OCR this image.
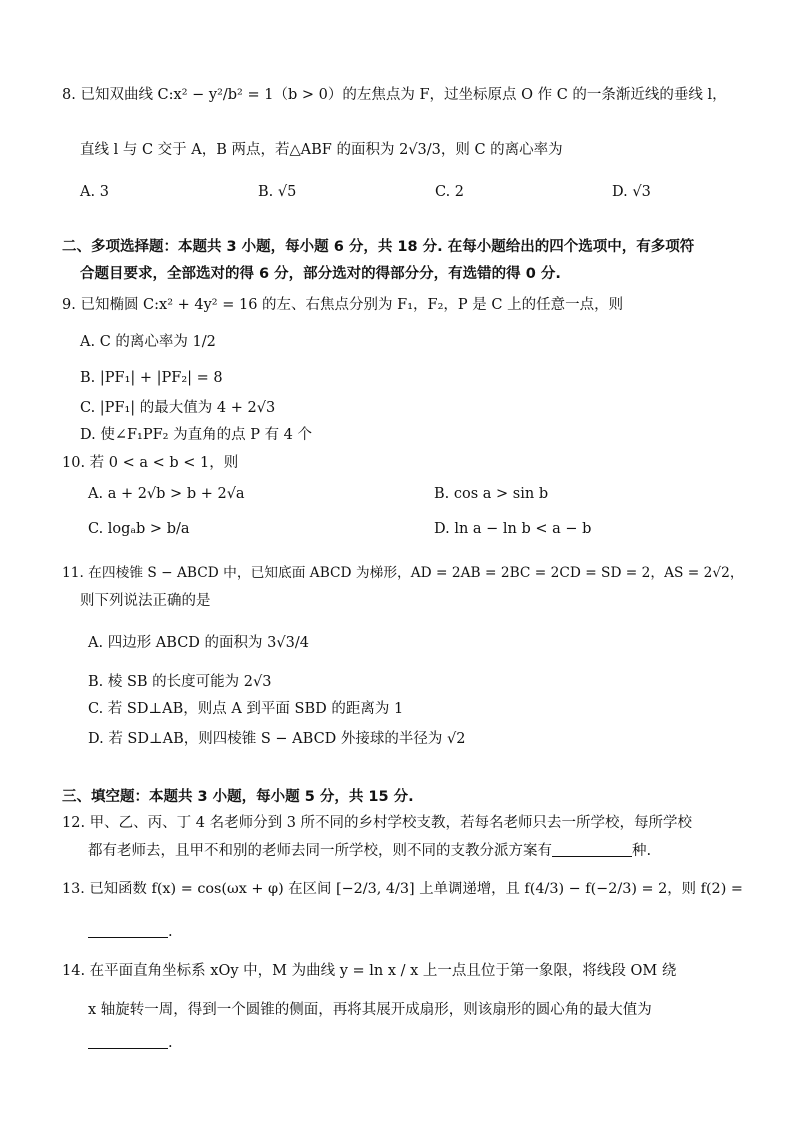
8. 已知双曲线 C:x² − y²/b² = 1（b > 0）的左焦点为 F，过坐标原点 O 作 C 的一条渐近线的垂线 l，
直线 l 与 C 交于 A，B 两点，若△ABF 的面积为 2√3/3，则 C 的离心率为
A. 3	B. √5	C. 2	D. √3
二、多项选择题：本题共 3 小题，每小题 6 分，共 18 分. 在每小题给出的四个选项中，有多项符
合题目要求，全部选对的得 6 分，部分选对的得部分分，有选错的得 0 分.
9. 已知椭圆 C:x² + 4y² = 16 的左、右焦点分别为 F₁，F₂，P 是 C 上的任意一点，则
A. C 的离心率为 1/2
B. |PF₁| + |PF₂| = 8
C. |PF₁| 的最大值为 4 + 2√3
D. 使∠F₁PF₂ 为直角的点 P 有 4 个
10. 若 0 < a < b < 1，则
A. a + 2√b > b + 2√a	B. cos a > sin b
C. logₐb > b/a	D. ln a − ln b < a − b
11. 在四棱锥 S − ABCD 中，已知底面 ABCD 为梯形，AD = 2AB = 2BC = 2CD = SD = 2，AS = 2√2，
则下列说法正确的是
A. 四边形 ABCD 的面积为 3√3/4
B. 棱 SB 的长度可能为 2√3
C. 若 SD⊥AB，则点 A 到平面 SBD 的距离为 1
D. 若 SD⊥AB，则四棱锥 S − ABCD 外接球的半径为 √2
三、填空题：本题共 3 小题，每小题 5 分，共 15 分.
12. 甲、乙、丙、丁 4 名老师分到 3 所不同的乡村学校支教，若每名老师只去一所学校，每所学校
都有老师去，且甲不和别的老师去同一所学校，则不同的支教分派方案有	种.
13. 已知函数 f(x) = cos(ωx + φ) 在区间 [−2/3, 4/3] 上单调递增，且 f(4/3) − f(−2/3) = 2，则 f(2) =
.
14. 在平面直角坐标系 xOy 中，M 为曲线 y = ln x / x 上一点且位于第一象限，将线段 OM 绕
x 轴旋转一周，得到一个圆锥的侧面，再将其展开成扇形，则该扇形的圆心角的最大值为
.
